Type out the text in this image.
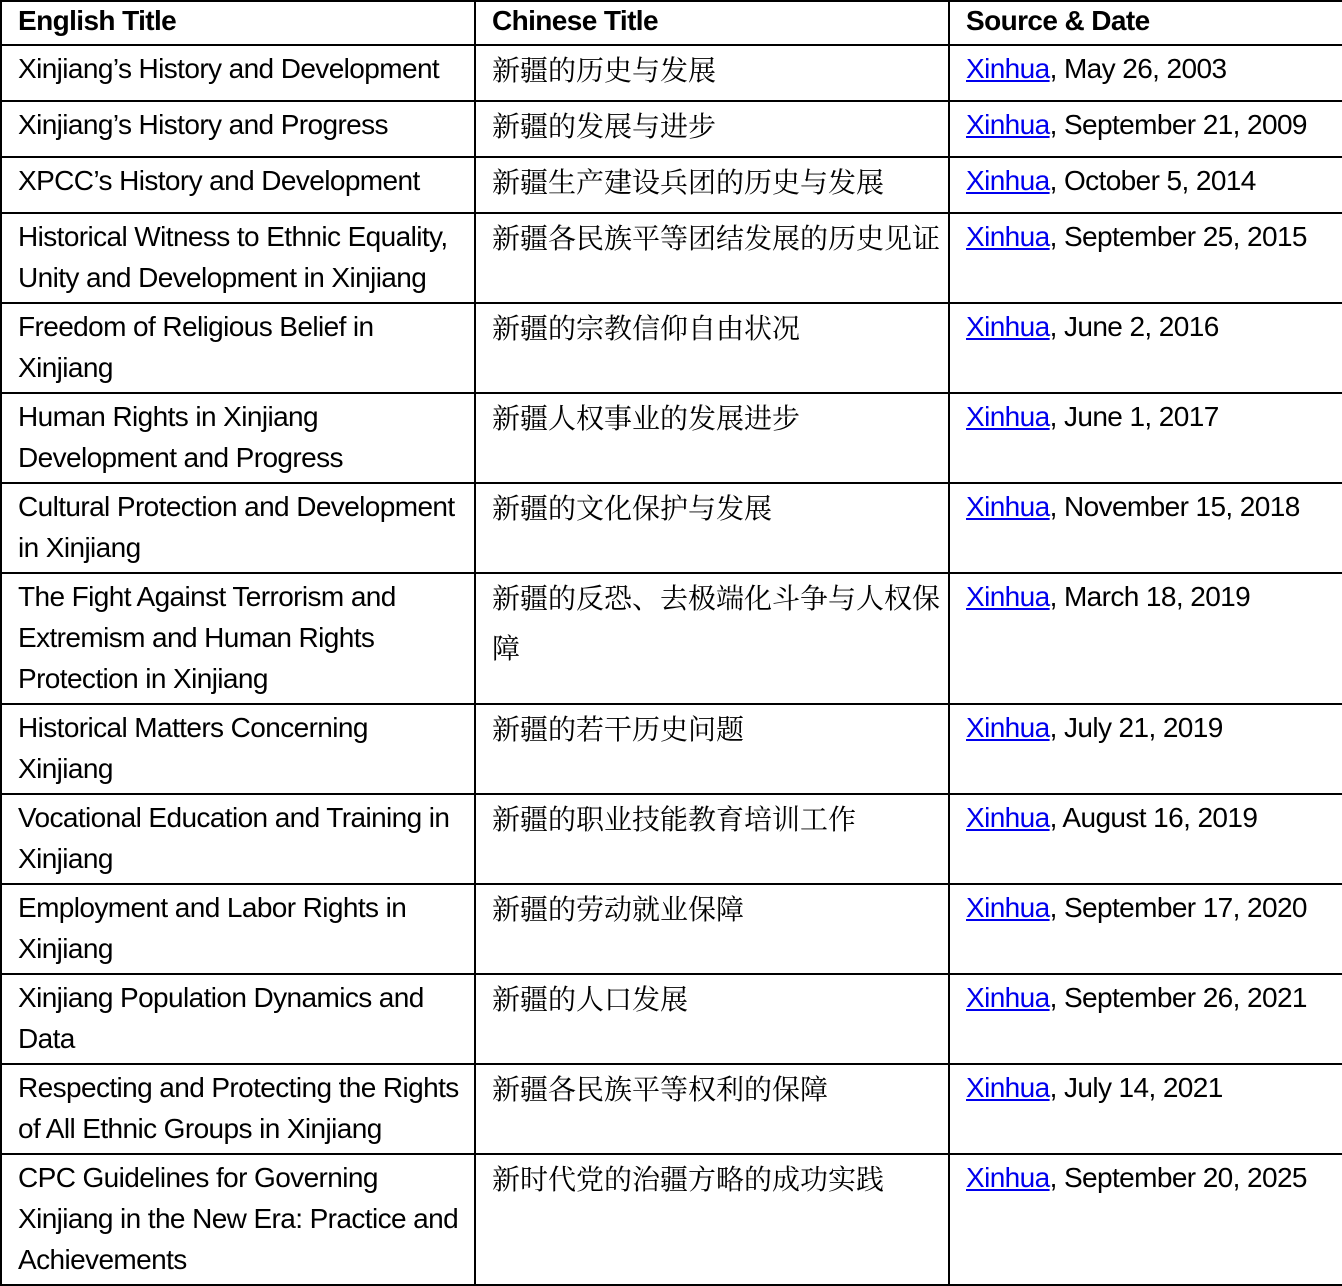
English Title	Chinese Title	Source & Date
Xinjiang’s History and Development	新疆的历史与发展	Xinhua, May 26, 2003
Xinjiang’s History and Progress	新疆的发展与进步	Xinhua, September 21, 2009
XPCC’s History and Development	新疆生产建设兵团的历史与发展	Xinhua, October 5, 2014
Historical Witness to Ethnic Equality, Unity and Development in Xinjiang	新疆各民族平等团结发展的历史见证	Xinhua, September 25, 2015
Freedom of Religious Belief in Xinjiang	新疆的宗教信仰自由状况	Xinhua, June 2, 2016
Human Rights in Xinjiang Development and Progress	新疆人权事业的发展进步	Xinhua, June 1, 2017
Cultural Protection and Development in Xinjiang	新疆的文化保护与发展	Xinhua, November 15, 2018
The Fight Against Terrorism and Extremism and Human Rights Protection in Xinjiang	新疆的反恐、去极端化斗争与人权保障	Xinhua, March 18, 2019
Historical Matters Concerning Xinjiang	新疆的若干历史问题	Xinhua, July 21, 2019
Vocational Education and Training in Xinjiang	新疆的职业技能教育培训工作	Xinhua, August 16, 2019
Employment and Labor Rights in Xinjiang	新疆的劳动就业保障	Xinhua, September 17, 2020
Xinjiang Population Dynamics and Data	新疆的人口发展	Xinhua, September 26, 2021
Respecting and Protecting the Rights of All Ethnic Groups in Xinjiang	新疆各民族平等权利的保障	Xinhua, July 14, 2021
CPC Guidelines for Governing Xinjiang in the New Era: Practice and Achievements	新时代党的治疆方略的成功实践	Xinhua, September 20, 2025
